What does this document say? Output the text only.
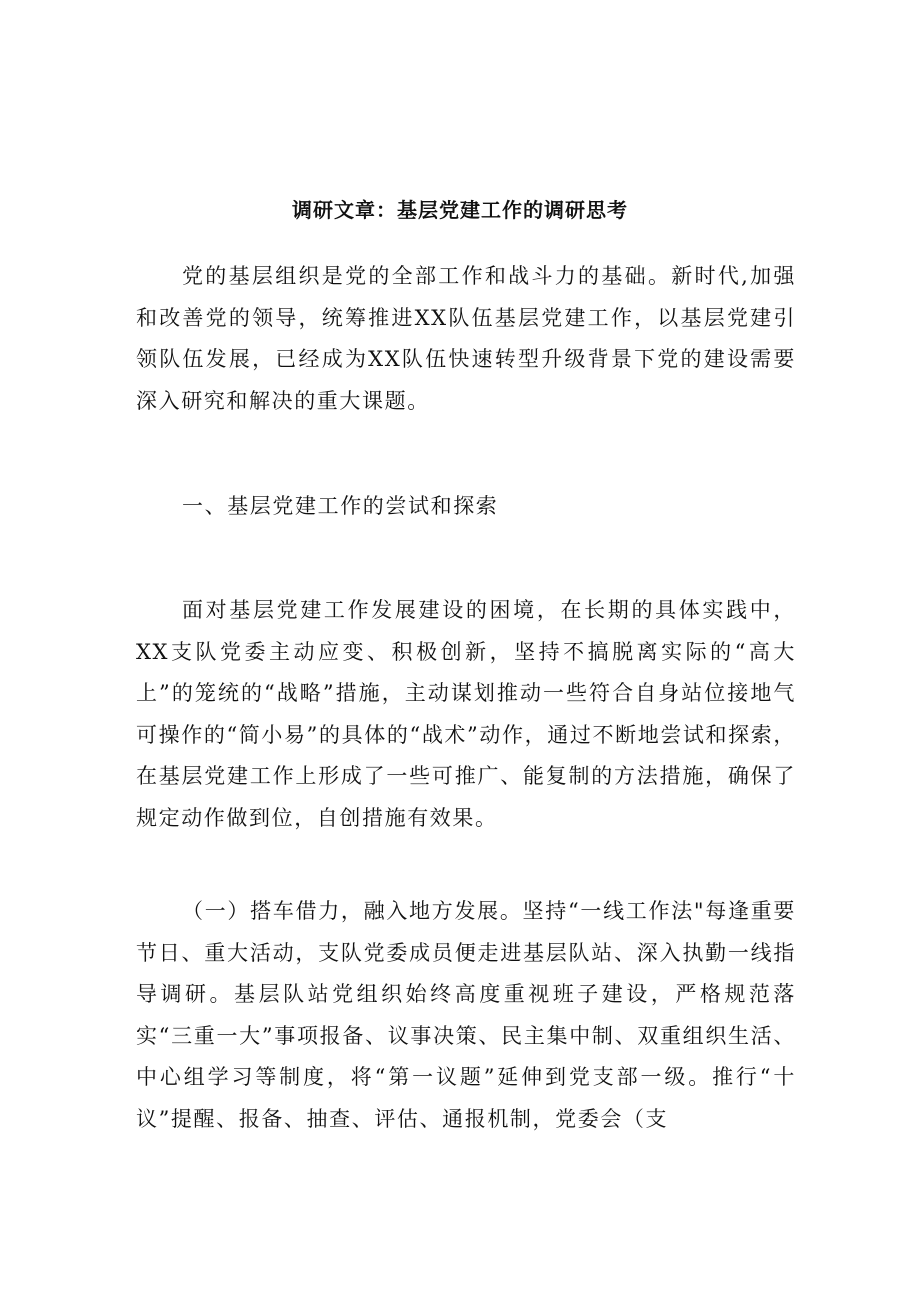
调研文章：基层党建工作的调研思考

党的基层组织是党的全部工作和战斗力的基础。新时代,加强和改善党的领导，统筹推进XX队伍基层党建工作，以基层党建引领队伍发展，已经成为XX队伍快速转型升级背景下党的建设需要深入研究和解决的重大课题。

一、基层党建工作的尝试和探索

面对基层党建工作发展建设的困境，在长期的具体实践中，XX支队党委主动应变、积极创新，坚持不搞脱离实际的“高大上”的笼统的“战略”措施，主动谋划推动一些符合自身站位接地气可操作的“简小易”的具体的“战术”动作，通过不断地尝试和探索，在基层党建工作上形成了一些可推广、能复制的方法措施，确保了规定动作做到位，自创措施有效果。

（一）搭车借力，融入地方发展。坚持“一线工作法"每逢重要节日、重大活动，支队党委成员便走进基层队站、深入执勤一线指导调研。基层队站党组织始终高度重视班子建设，严格规范落实“三重一大”事项报备、议事决策、民主集中制、双重组织生活、中心组学习等制度，将“第一议题”延伸到党支部一级。推行“十议”提醒、报备、抽查、评估、通报机制，党委会（支
